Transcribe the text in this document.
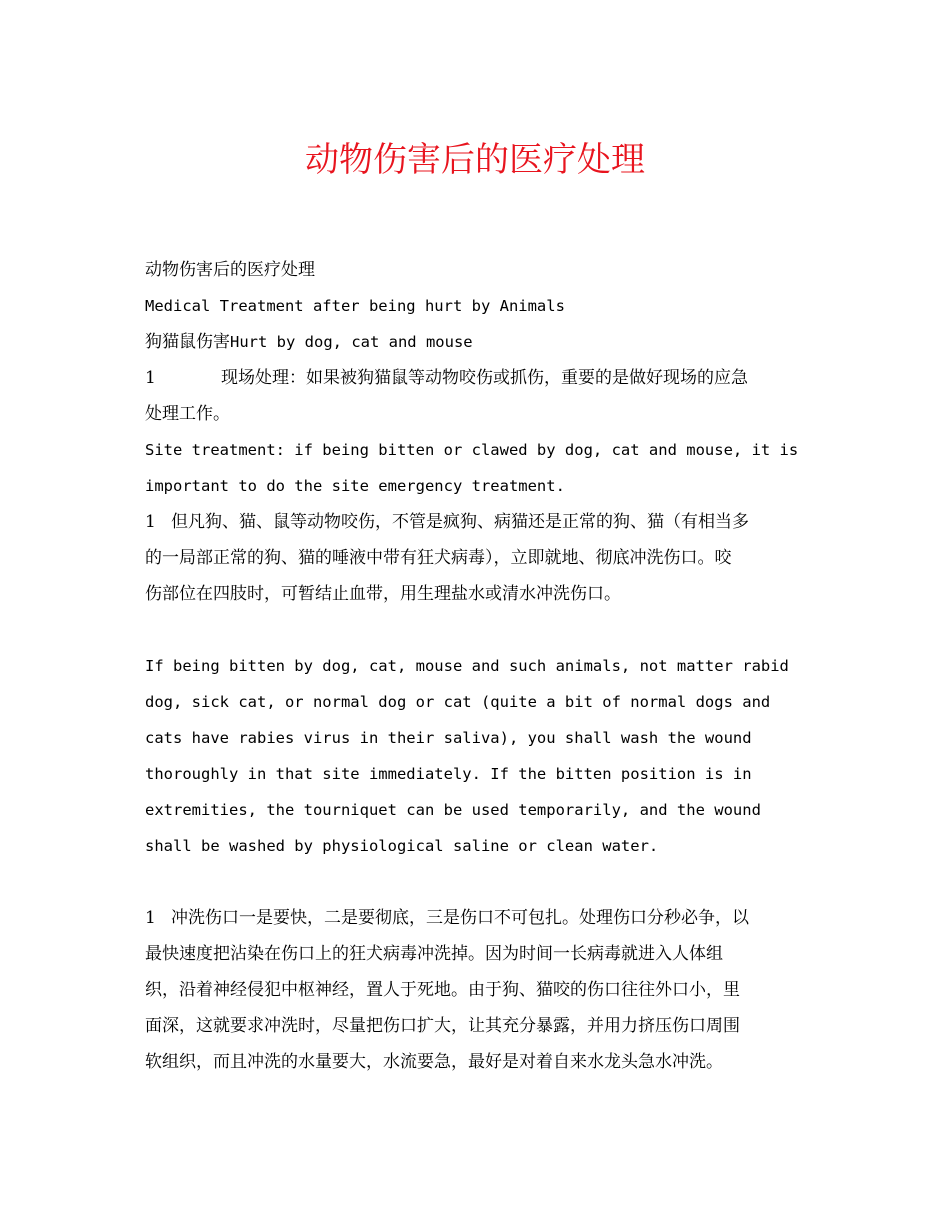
动物伤害后的医疗处理

动物伤害后的医疗处理

Medical Treatment after being hurt by Animals

狗猫鼠伤害Hurt by dog, cat and mouse

1	现场处理：如果被狗猫鼠等动物咬伤或抓伤，重要的是做好现场的应急

处理工作。

Site treatment: if being bitten or clawed by dog, cat and mouse, it is

important to do the site emergency treatment.

1 但凡狗、猫、鼠等动物咬伤，不管是疯狗、病猫还是正常的狗、猫（有相当多

的一局部正常的狗、猫的唾液中带有狂犬病毒），立即就地、彻底冲洗伤口。咬

伤部位在四肢时，可暂结止血带，用生理盐水或清水冲洗伤口。

If being bitten by dog, cat, mouse and such animals, not matter rabid

dog, sick cat, or normal dog or cat (quite a bit of normal dogs and

cats have rabies virus in their saliva), you shall wash the wound

thoroughly in that site immediately. If the bitten position is in

extremities, the tourniquet can be used temporarily, and the wound

shall be washed by physiological saline or clean water.

1 冲洗伤口一是要快，二是要彻底，三是伤口不可包扎。处理伤口分秒必争，以

最快速度把沾染在伤口上的狂犬病毒冲洗掉。因为时间一长病毒就进入人体组

织，沿着神经侵犯中枢神经，置人于死地。由于狗、猫咬的伤口往往外口小，里

面深，这就要求冲洗时，尽量把伤口扩大，让其充分暴露，并用力挤压伤口周围

软组织，而且冲洗的水量要大，水流要急，最好是对着自来水龙头急水冲洗。
